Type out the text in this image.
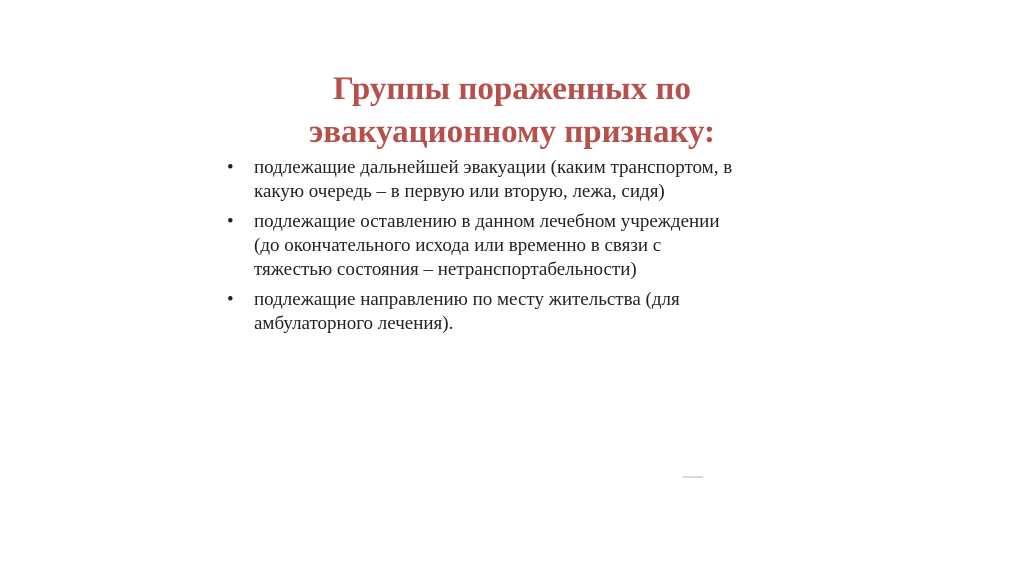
Группы пораженных по
эвакуационному признаку:
• подлежащие дальнейшей эвакуации (каким транспортом, в
какую очередь – в первую или вторую, лежа, сидя)
• подлежащие оставлению в данном лечебном учреждении
(до окончательного исхода или временно в связи с
тяжестью состояния – нетранспортабельности)
• подлежащие направлению по месту жительства (для
амбулаторного лечения).
